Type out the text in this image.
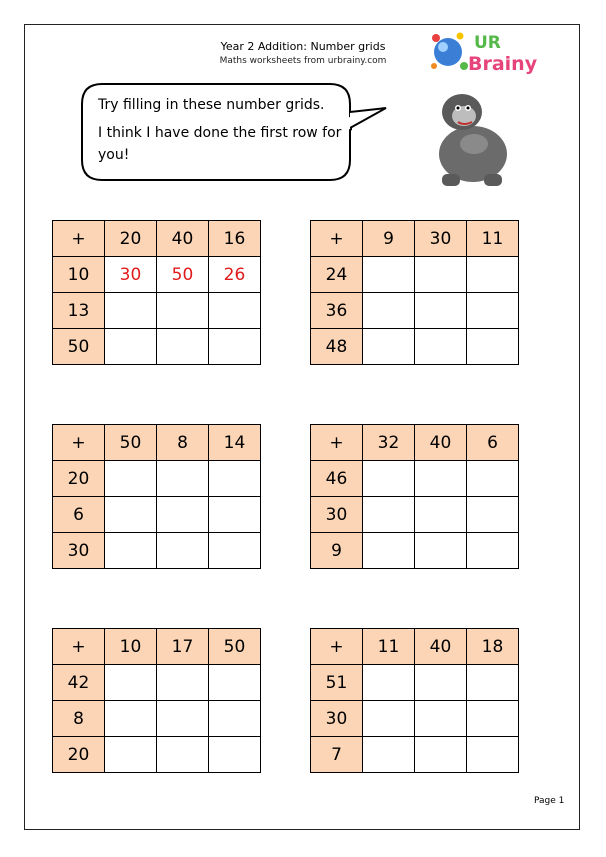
Year 2 Addition: Number grids
Maths worksheets from urbrainy.com
UR
Brainy

Try filling in these number grids.

I think I have done the first row for you!

+	20	40	16
10	30	50	26
13			
50			
+	9	30	11
24			
36			
48			
+	50	8	14
20			
6			
30			
+	32	40	6
46			
30			
9			
+	10	17	50
42			
8			
20			
+	11	40	18
51			
30			
7			
Page 1
